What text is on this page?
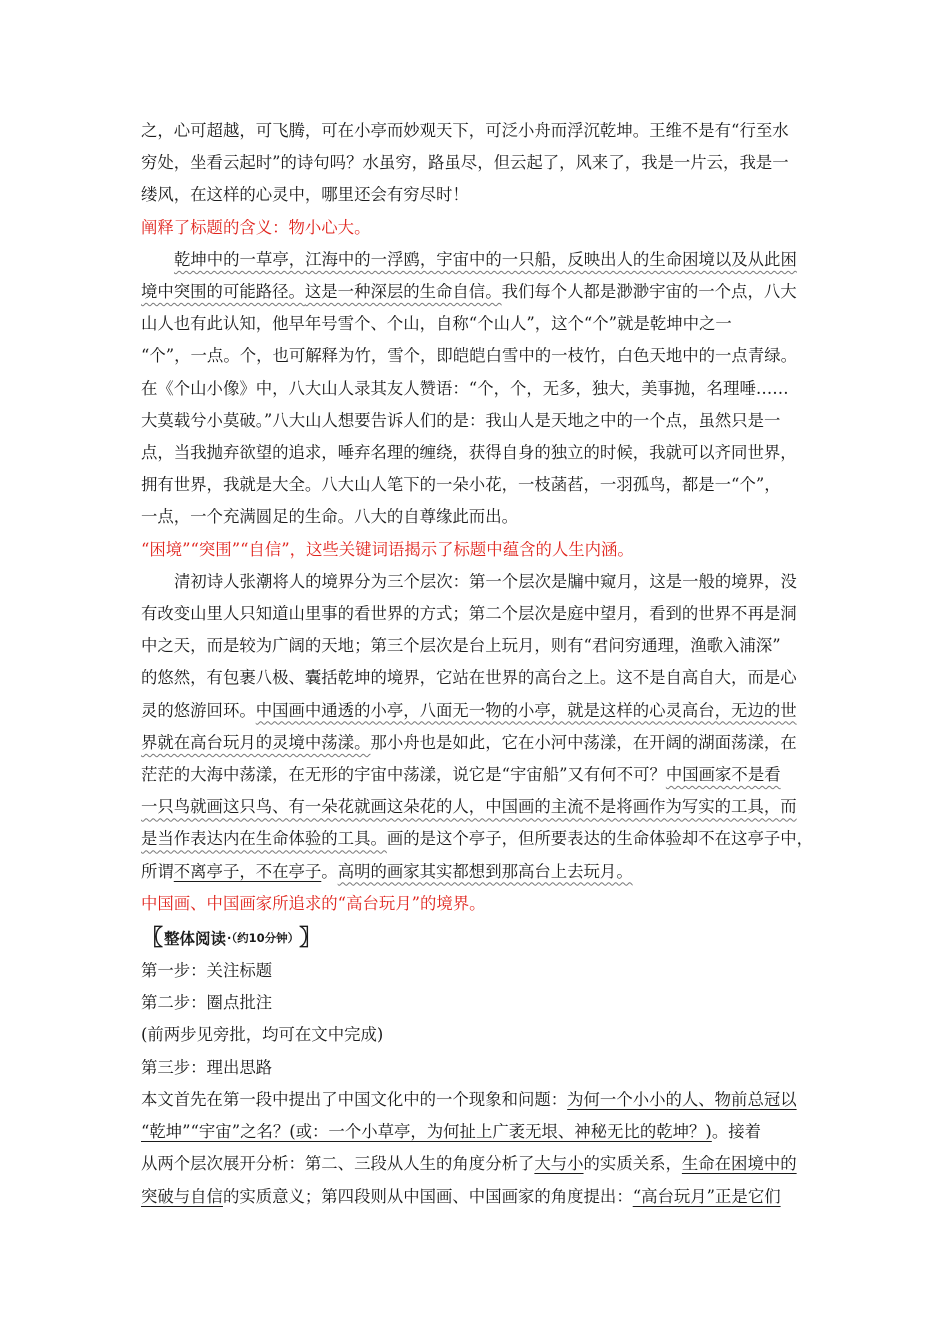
之，心可超越，可飞腾，可在小亭而妙观天下，可泛小舟而浮沉乾坤。王维不是有“行至水

穷处，坐看云起时”的诗句吗？水虽穷，路虽尽，但云起了，风来了，我是一片云，我是一

缕风，在这样的心灵中，哪里还会有穷尽时！

阐释了标题的含义：物小心大。

乾坤中的一草亭，江海中的一浮鸥，宇宙中的一只船，反映出人的生命困境以及从此困

境中突围的可能路径。这是一种深层的生命自信。我们每个人都是渺渺宇宙的一个点，八大

山人也有此认知，他早年号雪个、个山，自称“个山人”，这个“个”就是乾坤中之一

“个”，一点。个，也可解释为竹，雪个，即皑皑白雪中的一枝竹，白色天地中的一点青绿。

在《个山小像》中，八大山人录其友人赞语：“个，个，无多，独大，美事抛，名理唾……

大莫载兮小莫破。”八大山人想要告诉人们的是：我山人是天地之中的一个点，虽然只是一

点，当我抛弃欲望的追求，唾弃名理的缠绕，获得自身的独立的时候，我就可以齐同世界，

拥有世界，我就是大全。八大山人笔下的一朵小花，一枝菡萏，一羽孤鸟，都是一“个”，

一点，一个充满圆足的生命。八大的自尊缘此而出。

“困境”“突围”“自信”，这些关键词语揭示了标题中蕴含的人生内涵。

清初诗人张潮将人的境界分为三个层次：第一个层次是牖中窥月，这是一般的境界，没

有改变山里人只知道山里事的看世界的方式；第二个层次是庭中望月，看到的世界不再是洞

中之天，而是较为广阔的天地；第三个层次是台上玩月，则有“君问穷通理，渔歌入浦深”

的悠然，有包裹八极、囊括乾坤的境界，它站在世界的高台之上。这不是自高自大，而是心

灵的悠游回环。中国画中通透的小亭，八面无一物的小亭，就是这样的心灵高台，无边的世

界就在高台玩月的灵境中荡漾。那小舟也是如此，它在小河中荡漾，在开阔的湖面荡漾，在

茫茫的大海中荡漾，在无形的宇宙中荡漾，说它是“宇宙船”又有何不可？中国画家不是看

一只鸟就画这只鸟、有一朵花就画这朵花的人，中国画的主流不是将画作为写实的工具，而

是当作表达内在生命体验的工具。画的是这个亭子，但所要表达的生命体验却不在这亭子中，

所谓不离亭子，不在亭子。高明的画家其实都想到那高台上去玩月。

中国画、中国画家所追求的“高台玩月”的境界。

〖 整体阅读 ·（约10分钟） 〗

第一步：关注标题

第二步：圈点批注

(前两步见旁批，均可在文中完成)

第三步：理出思路

本文首先在第一段中提出了中国文化中的一个现象和问题：为何一个小小的人、物前总冠以

“乾坤”“宇宙”之名？(或：一个小草亭，为何扯上广袤无垠、神秘无比的乾坤？)。接着

从两个层次展开分析：第二、三段从人生的角度分析了大与小的实质关系，生命在困境中的

突破与自信的实质意义；第四段则从中国画、中国画家的角度提出：“高台玩月”正是它们
